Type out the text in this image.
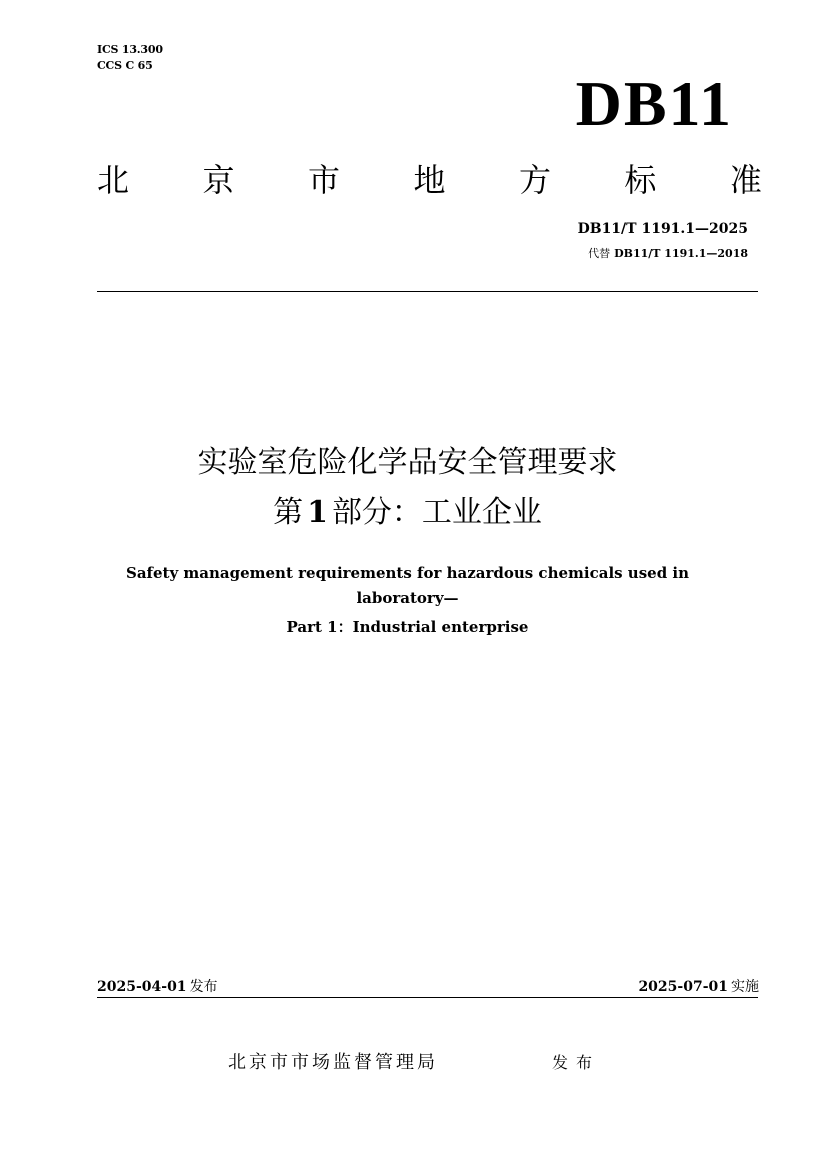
ICS 13.300
CCS C 65
DB11
北 京 市 地 方 标 准
DB11/T 1191.1—2025
代替 DB11/T 1191.1—2018
实验室危险化学品安全管理要求
第 1 部分：工业企业
Safety management requirements for hazardous chemicals used in
laboratory—
Part 1：Industrial enterprise
2025-04-01 发布	2025-07-01 实施
北京市市场监督管理局	发布
